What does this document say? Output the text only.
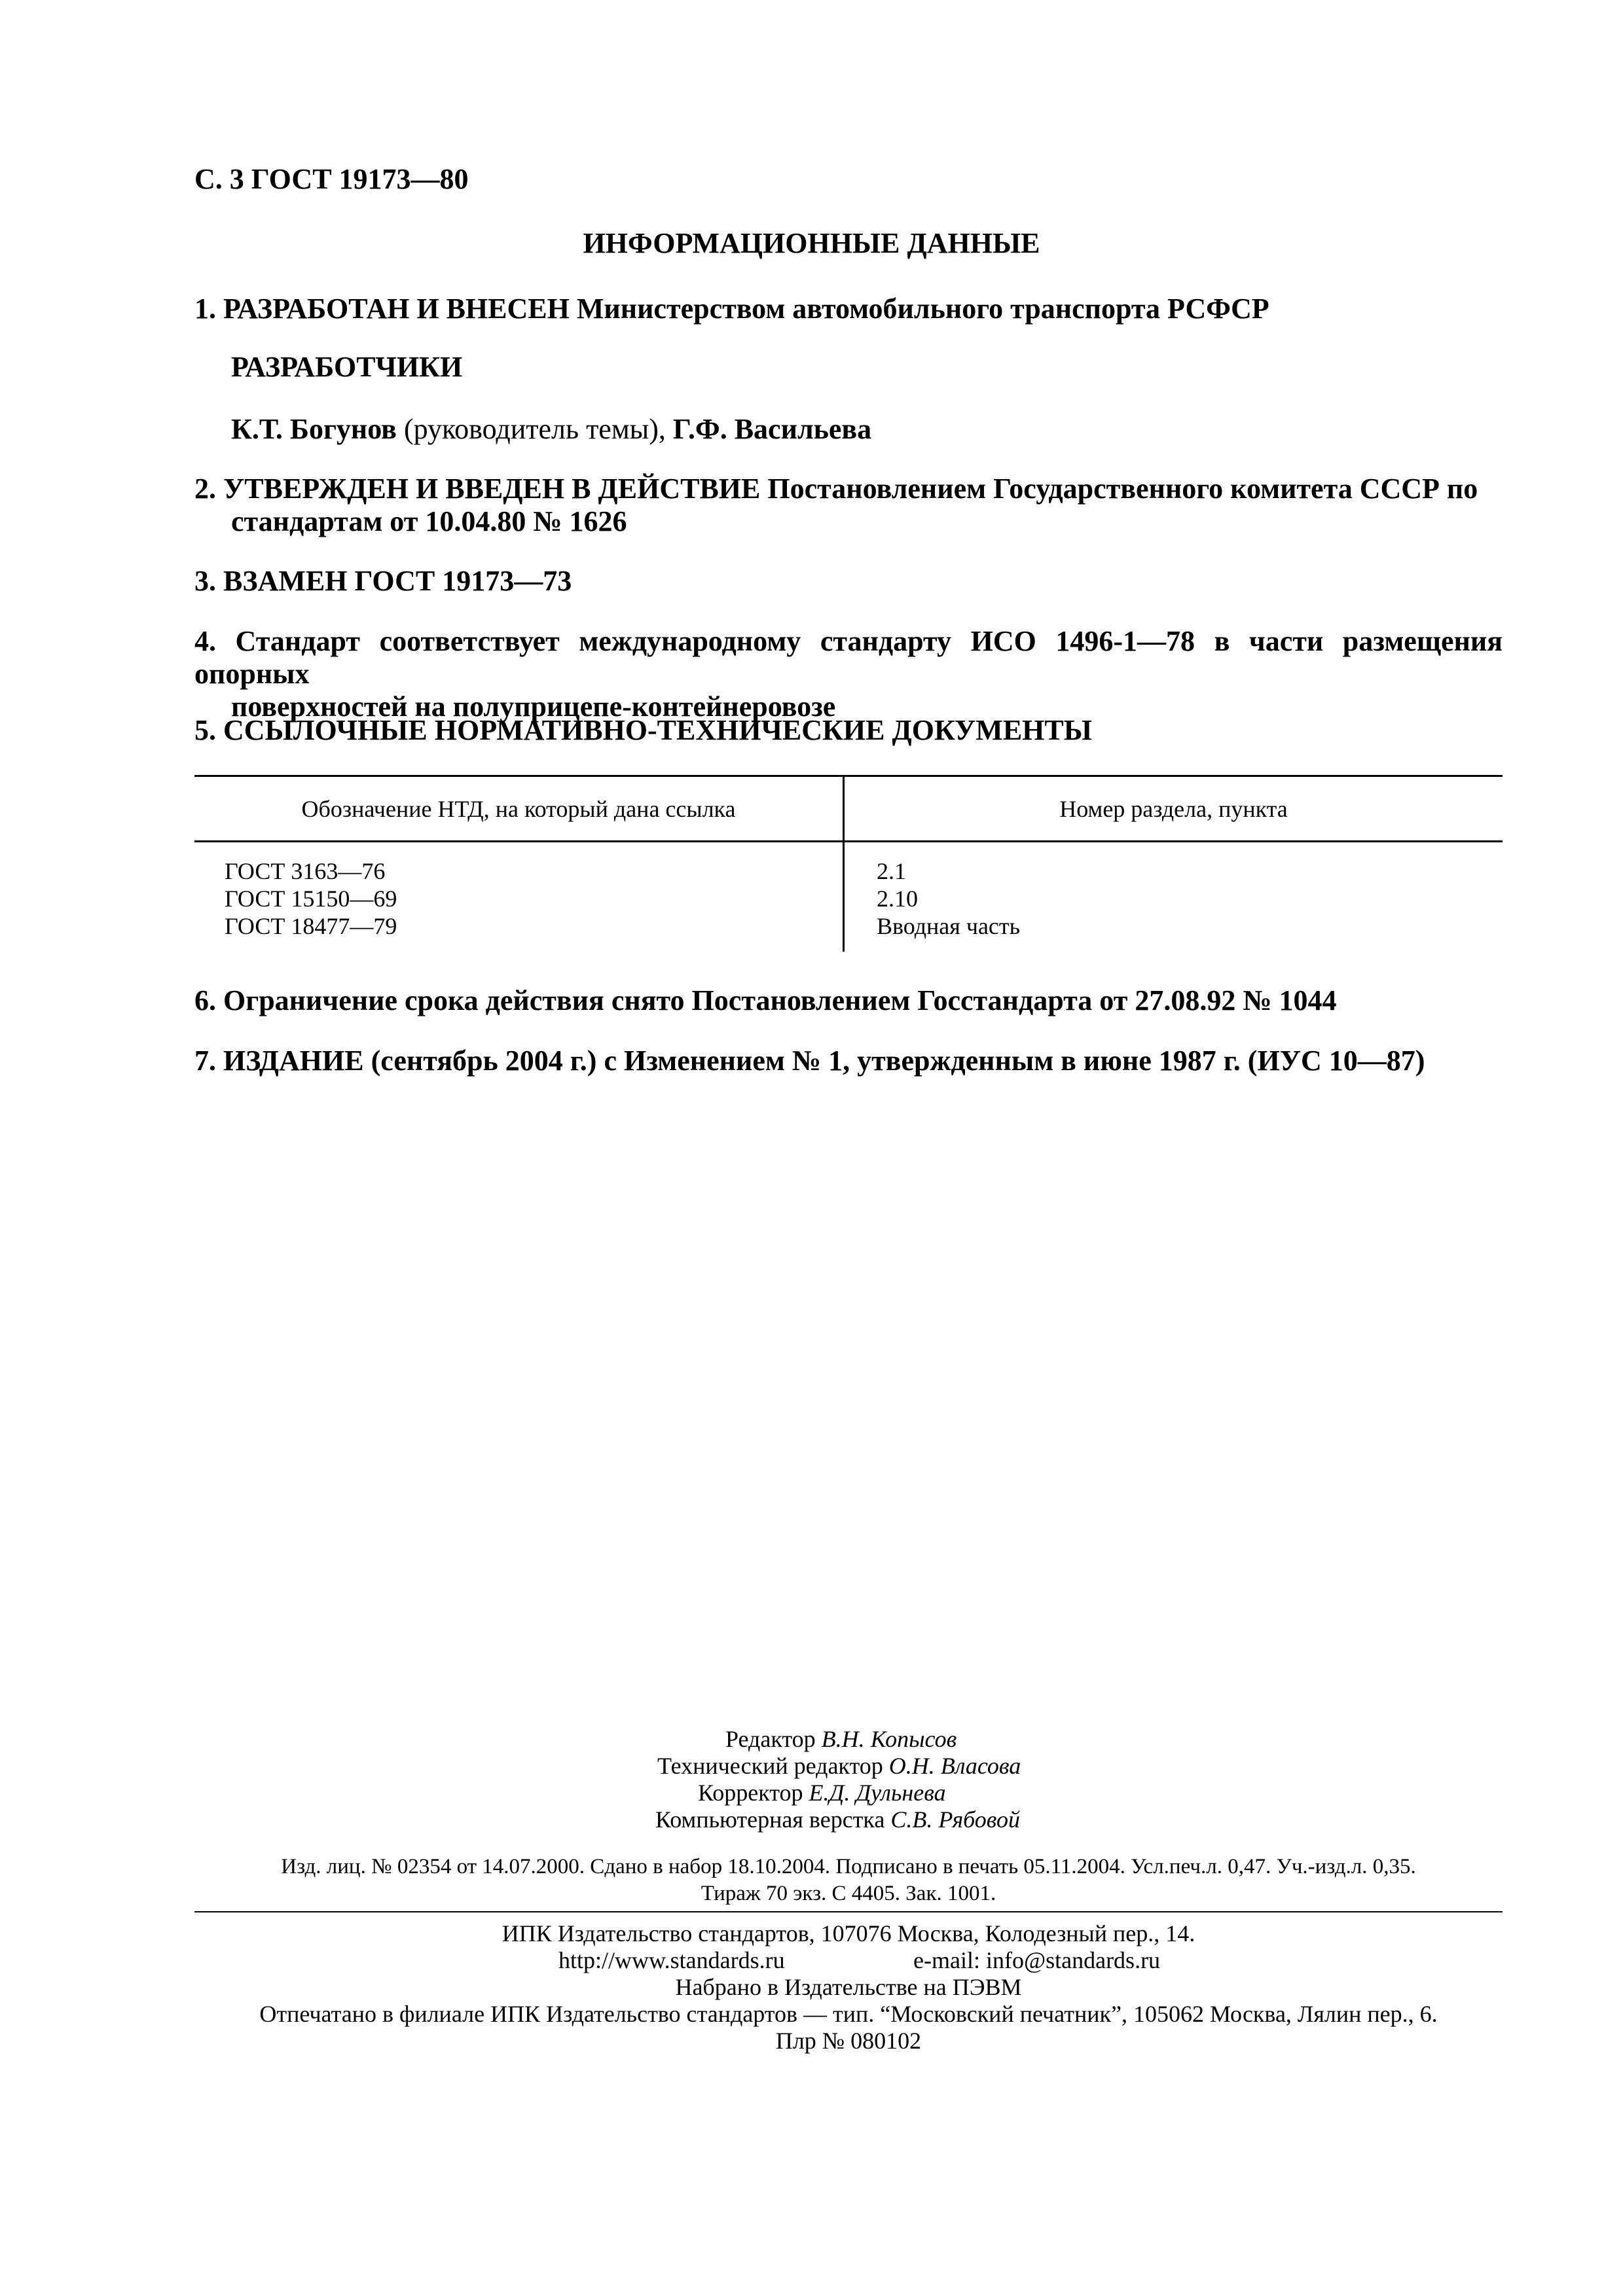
С. 3 ГОСТ 19173—80
ИНФОРМАЦИОННЫЕ ДАННЫЕ
1. РАЗРАБОТАН И ВНЕСЕН Министерством автомобильного транспорта РСФСР
РАЗРАБОТЧИКИ
К.Т. Богунов (руководитель темы), Г.Ф. Васильева
2. УТВЕРЖДЕН И ВВЕДЕН В ДЕЙСТВИЕ Постановлением Государственного комитета СССР по
стандартам от 10.04.80 № 1626
3. ВЗАМЕН ГОСТ 19173—73
4. Стандарт соответствует международному стандарту ИСО 1496-1—78 в части размещения опорных
поверхностей на полуприцепе-контейнеровозе
5. ССЫЛОЧНЫЕ НОРМАТИВНО-ТЕХНИЧЕСКИЕ ДОКУМЕНТЫ
Обозначение НТД, на который дана ссылка	Номер раздела, пункта
ГОСТ 3163—76
ГОСТ 15150—69
ГОСТ 18477—79
2.1
2.10
Вводная часть
6. Ограничение срока действия снято Постановлением Госстандарта от 27.08.92 № 1044
7. ИЗДАНИЕ (сентябрь 2004 г.) с Изменением № 1, утвержденным в июне 1987 г. (ИУС 10—87)
Редактор В.Н. Копысов
Технический редактор О.Н. Власова
Корректор Е.Д. Дульнева
Компьютерная верстка С.В. Рябовой
Изд. лиц. № 02354 от 14.07.2000. Сдано в набор 18.10.2004. Подписано в печать 05.11.2004. Усл.печ.л. 0,47. Уч.-изд.л. 0,35.
Тираж 70 экз. С 4405. Зак. 1001.
ИПК Издательство стандартов, 107076 Москва, Колодезный пер., 14.
http://www.standards.ru	e-mail: info@standards.ru
Набрано в Издательстве на ПЭВМ
Отпечатано в филиале ИПК Издательство стандартов — тип. “Московский печатник”, 105062 Москва, Лялин пер., 6.
Плр № 080102
